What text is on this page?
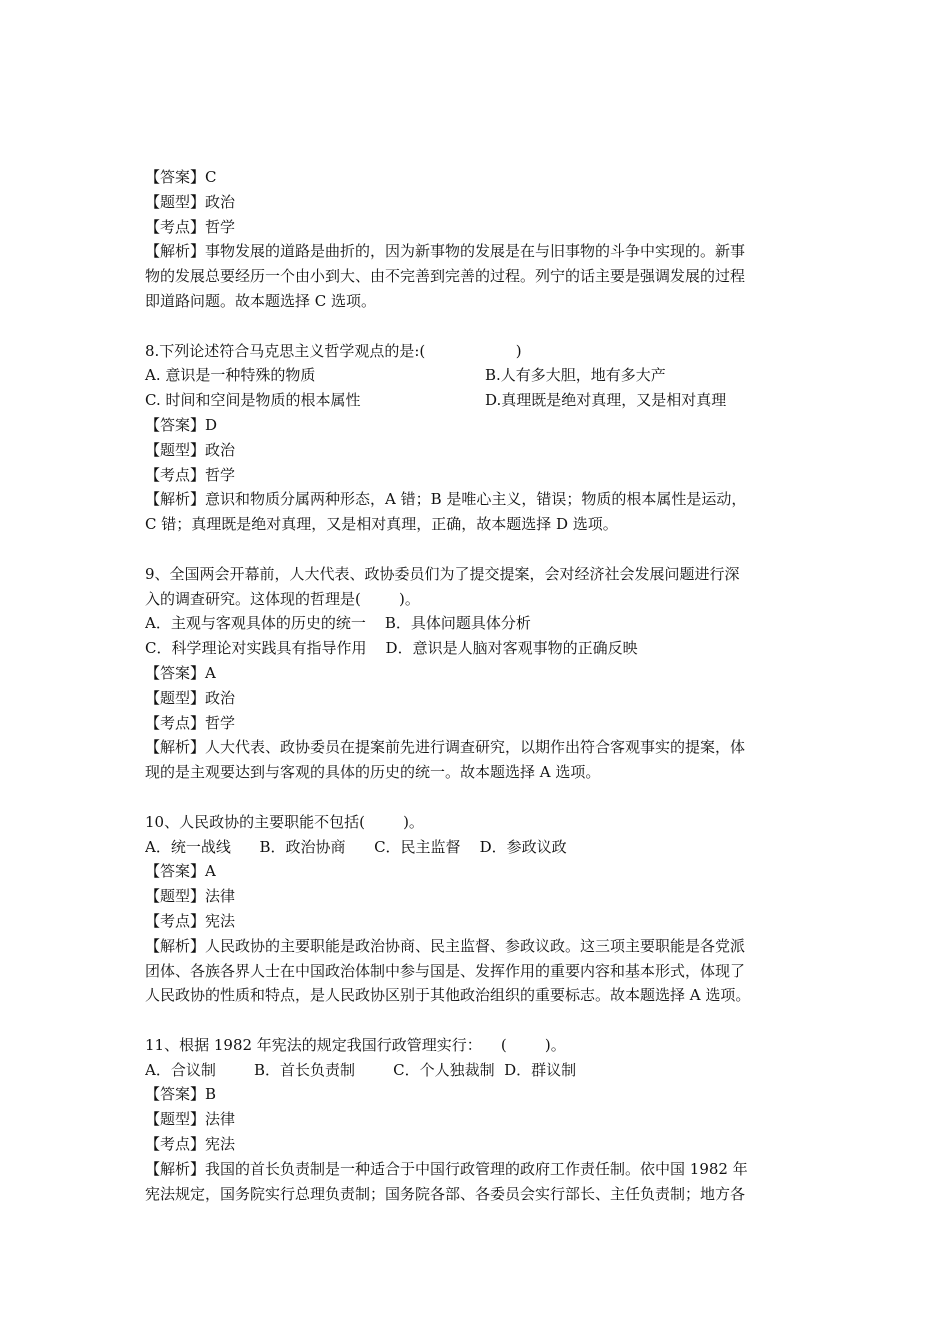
【答案】C
【题型】政治
【考点】哲学
【解析】事物发展的道路是曲折的，因为新事物的发展是在与旧事物的斗争中实现的。新事
物的发展总要经历一个由小到大、由不完善到完善的过程。列宁的话主要是强调发展的过程
即道路问题。故本题选择 C 选项。
8.下列论述符合马克思主义哲学观点的是:(                   )
A. 意识是一种特殊的物质	B.人有多大胆，地有多大产
C. 时间和空间是物质的根本属性	D.真理既是绝对真理，又是相对真理
【答案】D
【题型】政治
【考点】哲学
【解析】意识和物质分属两种形态，A 错；B 是唯心主义，错误；物质的根本属性是运动，
C 错；真理既是绝对真理，又是相对真理，正确，故本题选择 D 选项。
9、全国两会开幕前，人大代表、政协委员们为了提交提案，会对经济社会发展问题进行深
入的调查研究。这体现的哲理是(        )。
A．主观与客观具体的历史的统一    B．具体问题具体分析
C．科学理论对实践具有指导作用    D．意识是人脑对客观事物的正确反映
【答案】A
【题型】政治
【考点】哲学
【解析】人大代表、政协委员在提案前先进行调查研究，以期作出符合客观事实的提案，体
现的是主观要达到与客观的具体的历史的统一。故本题选择 A 选项。
10、人民政协的主要职能不包括(        )。
A．统一战线      B．政治协商      C．民主监督    D．参政议政
【答案】A
【题型】法律
【考点】宪法
【解析】人民政协的主要职能是政治协商、民主监督、参政议政。这三项主要职能是各党派
团体、各族各界人士在中国政治体制中参与国是、发挥作用的重要内容和基本形式，体现了
人民政协的性质和特点，是人民政协区别于其他政治组织的重要标志。故本题选择 A 选项。
11、根据 1982 年宪法的规定我国行政管理实行：    (        )。
A．合议制        B．首长负责制        C．个人独裁制  D．群议制
【答案】B
【题型】法律
【考点】宪法
【解析】我国的首长负责制是一种适合于中国行政管理的政府工作责任制。依中国 1982 年
宪法规定，国务院实行总理负责制；国务院各部、各委员会实行部长、主任负责制；地方各
